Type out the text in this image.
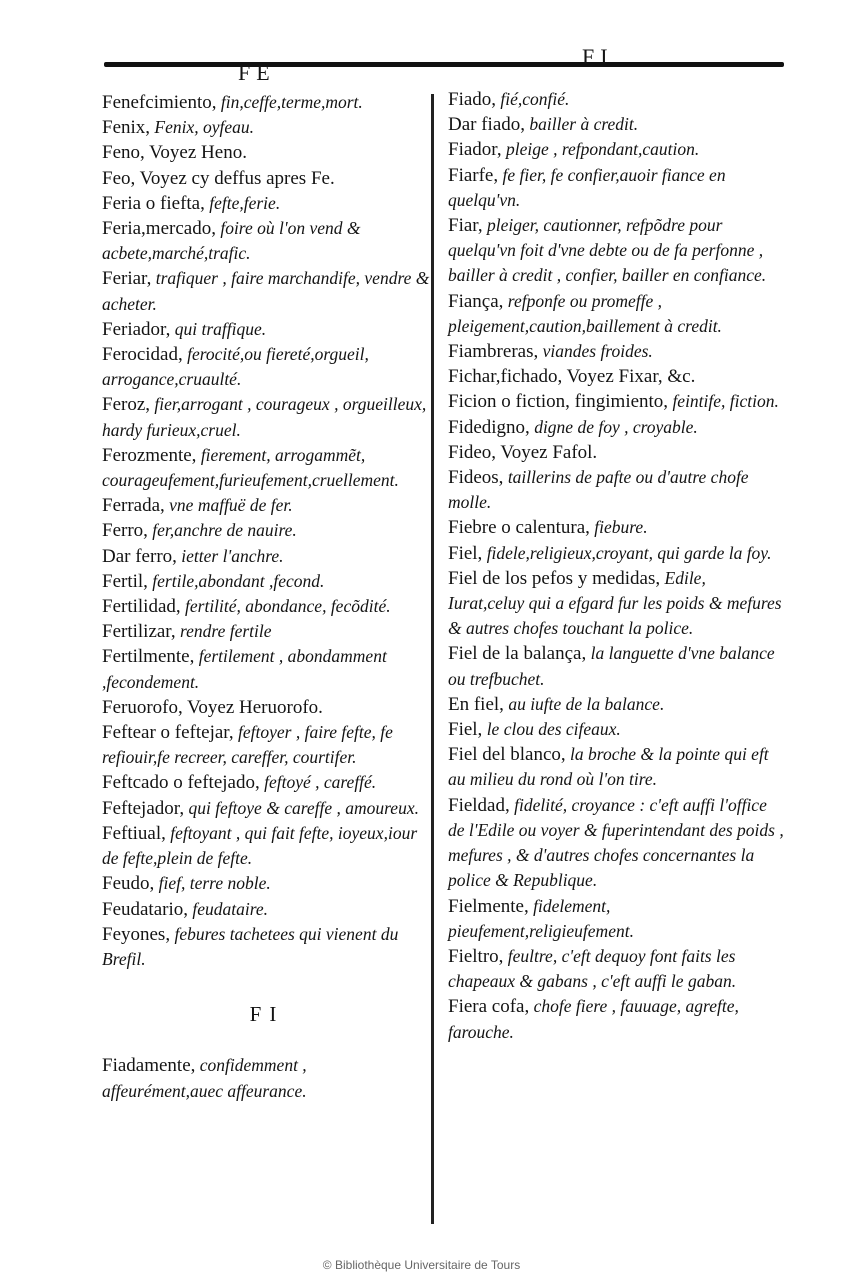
FE
FI

Fenefcimiento, fin,ceffe,terme,mort.

Fenix, Fenix, oyfeau.

Feno, Voyez Heno.

Feo, Voyez cy deffus apres Fe.

Feria o fiefta, fefte,ferie.

Feria,mercado, foire où l'on vend & acbete,marché,trafic.

Feriar, trafiquer , faire marchandife, vendre & acheter.

Feriador, qui traffique.

Ferocidad, ferocité,ou fiereté,orgueil, arrogance,cruaulté.

Feroz, fier,arrogant , courageux , orgueilleux, hardy furieux,cruel.

Ferozmente, fierement, arrogammẽt, courageufement,furieufement,cruellement.

Ferrada, vne maffuë de fer.

Ferro, fer,anchre de nauire.

Dar ferro, ietter l'anchre.

Fertil, fertile,abondant ,fecond.

Fertilidad, fertilité, abondance, fecõdité.

Fertilizar, rendre fertile

Fertilmente, fertilement , abondamment ,fecondement.

Feruorofo, Voyez Heruorofo.

Feftear o feftejar, feftoyer , faire fefte, fe refiouir,fe recreer, careffer, courtifer.

Feftcado o feftejado, feftoyé , careffé.

Feftejador, qui feftoye & careffe , amoureux.

Feftiual, feftoyant , qui fait fefte, ioyeux,iour de fefte,plein de fefte.

Feudo, fief, terre noble.

Feudatario, feudataire.

Feyones, febures tachetees qui vienent du Brefil.

FI

Fiadamente, confidemment , affeurément,auec affeurance.

Fiado, fié,confié.

Dar fiado, bailler à credit.

Fiador, pleige , refpondant,caution.

Fiarfe, fe fier, fe confier,auoir fiance en quelqu'vn.

Fiar, pleiger, cautionner, refpõdre pour quelqu'vn foit d'vne debte ou de fa perfonne , bailler à credit , confier, bailler en confiance.

Fiança, refponfe ou promeffe , pleigement,caution,baillement à credit.

Fiambreras, viandes froides.

Fichar,fichado, Voyez Fixar, &c.

Ficion o fiction, fingimiento, feintife, fiction.

Fidedigno, digne de foy , croyable.

Fideo, Voyez Fafol.

Fideos, taillerins de pafte ou d'autre chofe molle.

Fiebre o calentura, fiebure.

Fiel, fidele,religieux,croyant, qui garde la foy.

Fiel de los pefos y medidas, Edile, Iurat,celuy qui a efgard fur les poids & mefures & autres chofes touchant la police.

Fiel de la balança, la languette d'vne balance ou trefbuchet.

En fiel, au iufte de la balance.

Fiel, le clou des cifeaux.

Fiel del blanco, la broche & la pointe qui eft au milieu du rond où l'on tire.

Fieldad, fidelité, croyance : c'eft auffi l'office de l'Edile ou voyer & fuperintendant des poids , mefures , & d'autres chofes concernantes la police & Republique.

Fielmente, fidelement, pieufement,religieufement.

Fieltro, feultre, c'eft dequoy font faits les chapeaux & gabans , c'eft auffi le gaban.

Fiera cofa, chofe fiere , fauuage, agrefte, farouche.

© Bibliothèque Universitaire de Tours
